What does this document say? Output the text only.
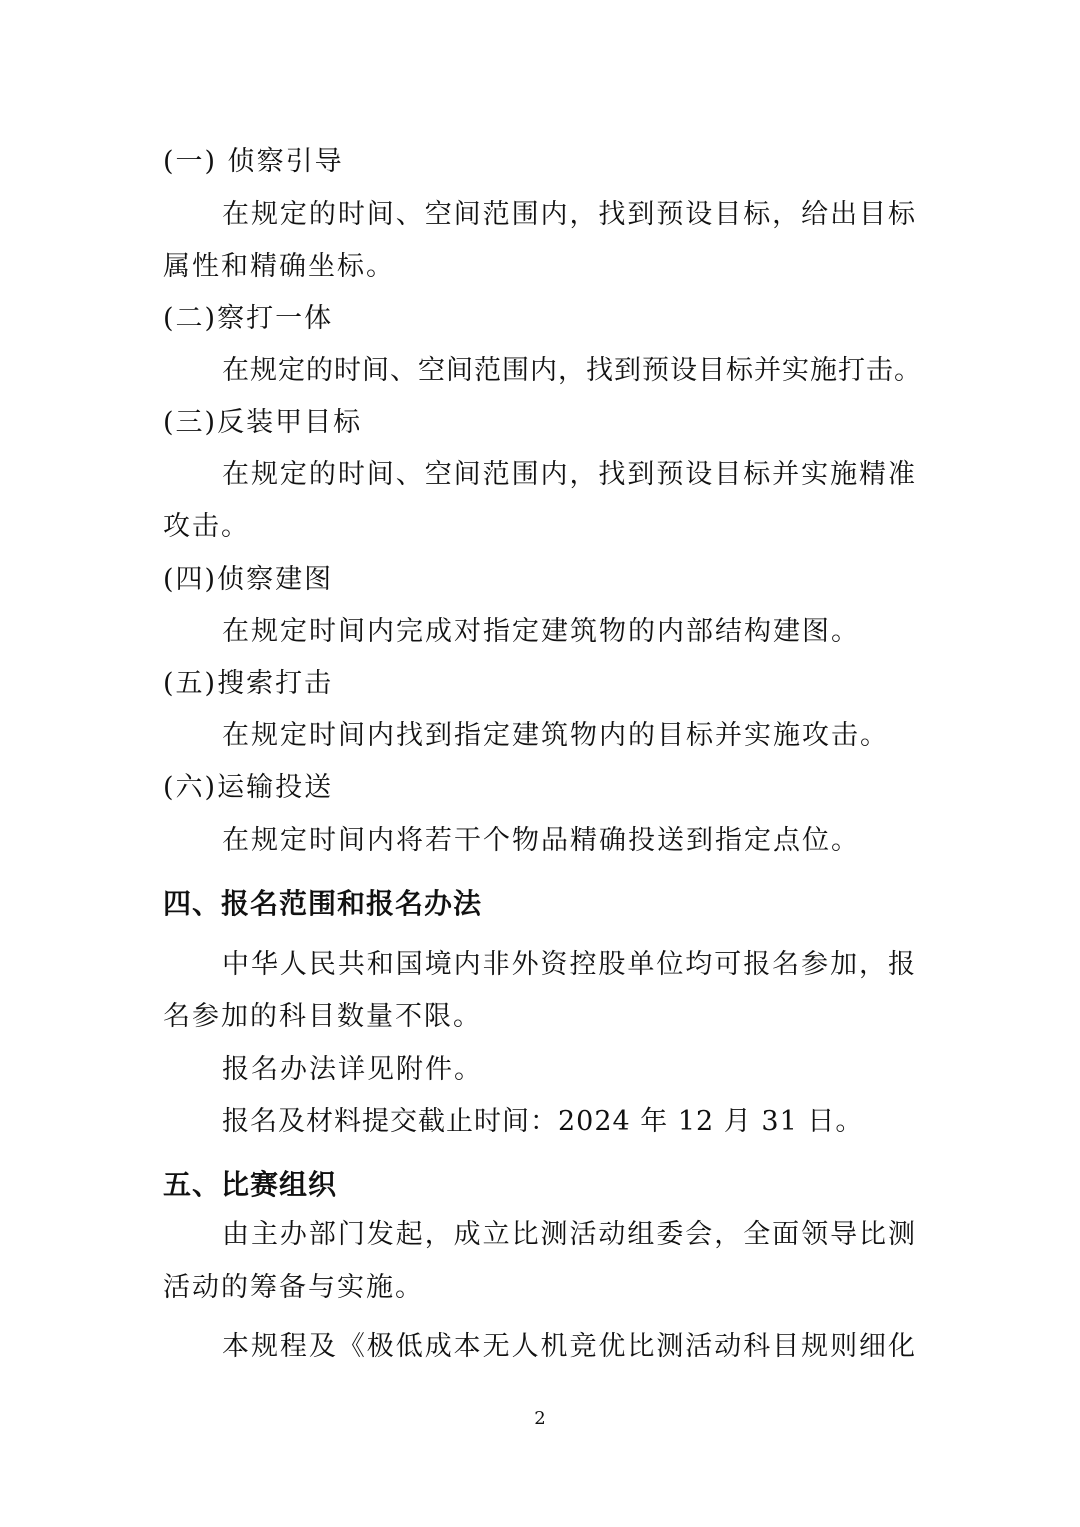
(一) 侦察引导
在规定的时间、空间范围内，找到预设目标，给出目标
属性和精确坐标。
(二)察打一体
在规定的时间、空间范围内，找到预设目标并实施打击。
(三)反装甲目标
在规定的时间、空间范围内，找到预设目标并实施精准
攻击。
(四)侦察建图
在规定时间内完成对指定建筑物的内部结构建图。
(五)搜索打击
在规定时间内找到指定建筑物内的目标并实施攻击。
(六)运输投送
在规定时间内将若干个物品精确投送到指定点位。
四、报名范围和报名办法
中华人民共和国境内非外资控股单位均可报名参加，报
名参加的科目数量不限。
报名办法详见附件。
报名及材料提交截止时间：2024 年 12 月 31 日。
五、比赛组织
由主办部门发起，成立比测活动组委会，全面领导比测
活动的筹备与实施。
本规程及《极低成本无人机竞优比测活动科目规则细化
2
